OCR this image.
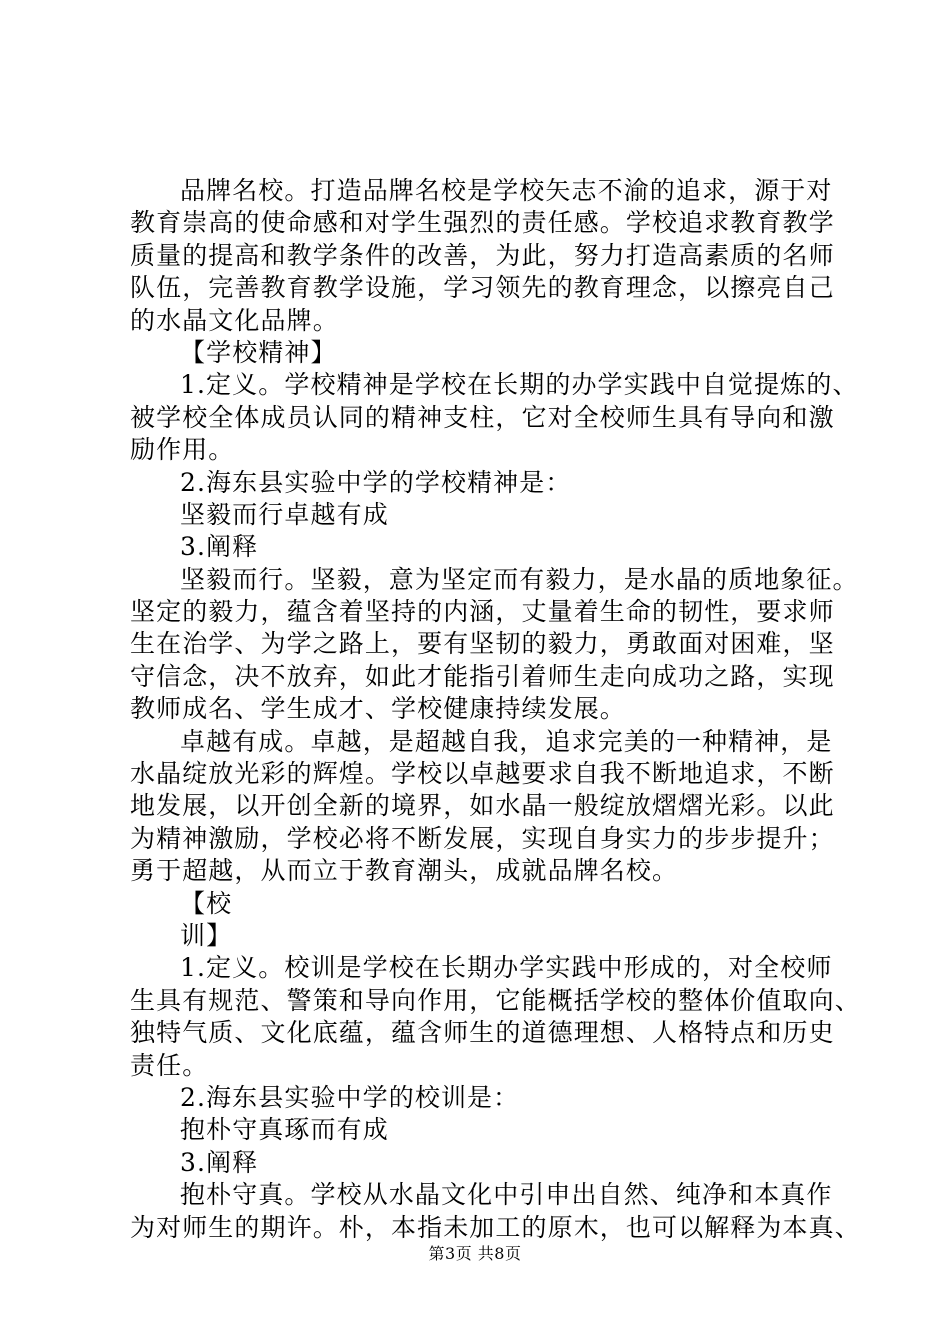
品牌名校。打造品牌名校是学校矢志不渝的追求，源于对
教育崇高的使命感和对学生强烈的责任感。学校追求教育教学
质量的提高和教学条件的改善，为此，努力打造高素质的名师
队伍，完善教育教学设施，学习领先的教育理念，以擦亮自己
的水晶文化品牌。
【学校精神】
1.定义。学校精神是学校在长期的办学实践中自觉提炼的、
被学校全体成员认同的精神支柱，它对全校师生具有导向和激
励作用。
2.海东县实验中学的学校精神是：
坚毅而行卓越有成
3.阐释
坚毅而行。坚毅，意为坚定而有毅力，是水晶的质地象征。
坚定的毅力，蕴含着坚持的内涵，丈量着生命的韧性，要求师
生在治学、为学之路上，要有坚韧的毅力，勇敢面对困难，坚
守信念，决不放弃，如此才能指引着师生走向成功之路，实现
教师成名、学生成才、学校健康持续发展。
卓越有成。卓越，是超越自我，追求完美的一种精神，是
水晶绽放光彩的辉煌。学校以卓越要求自我不断地追求，不断
地发展，以开创全新的境界，如水晶一般绽放熠熠光彩。以此
为精神激励，学校必将不断发展，实现自身实力的步步提升；
勇于超越，从而立于教育潮头，成就品牌名校。
【校
训】
1.定义。校训是学校在长期办学实践中形成的，对全校师
生具有规范、警策和导向作用，它能概括学校的整体价值取向、
独特气质、文化底蕴，蕴含师生的道德理想、人格特点和历史
责任。
2.海东县实验中学的校训是：
抱朴守真琢而有成
3.阐释
抱朴守真。学校从水晶文化中引申出自然、纯净和本真作
为对师生的期许。朴，本指未加工的原木，也可以解释为本真、
第3页 共8页
